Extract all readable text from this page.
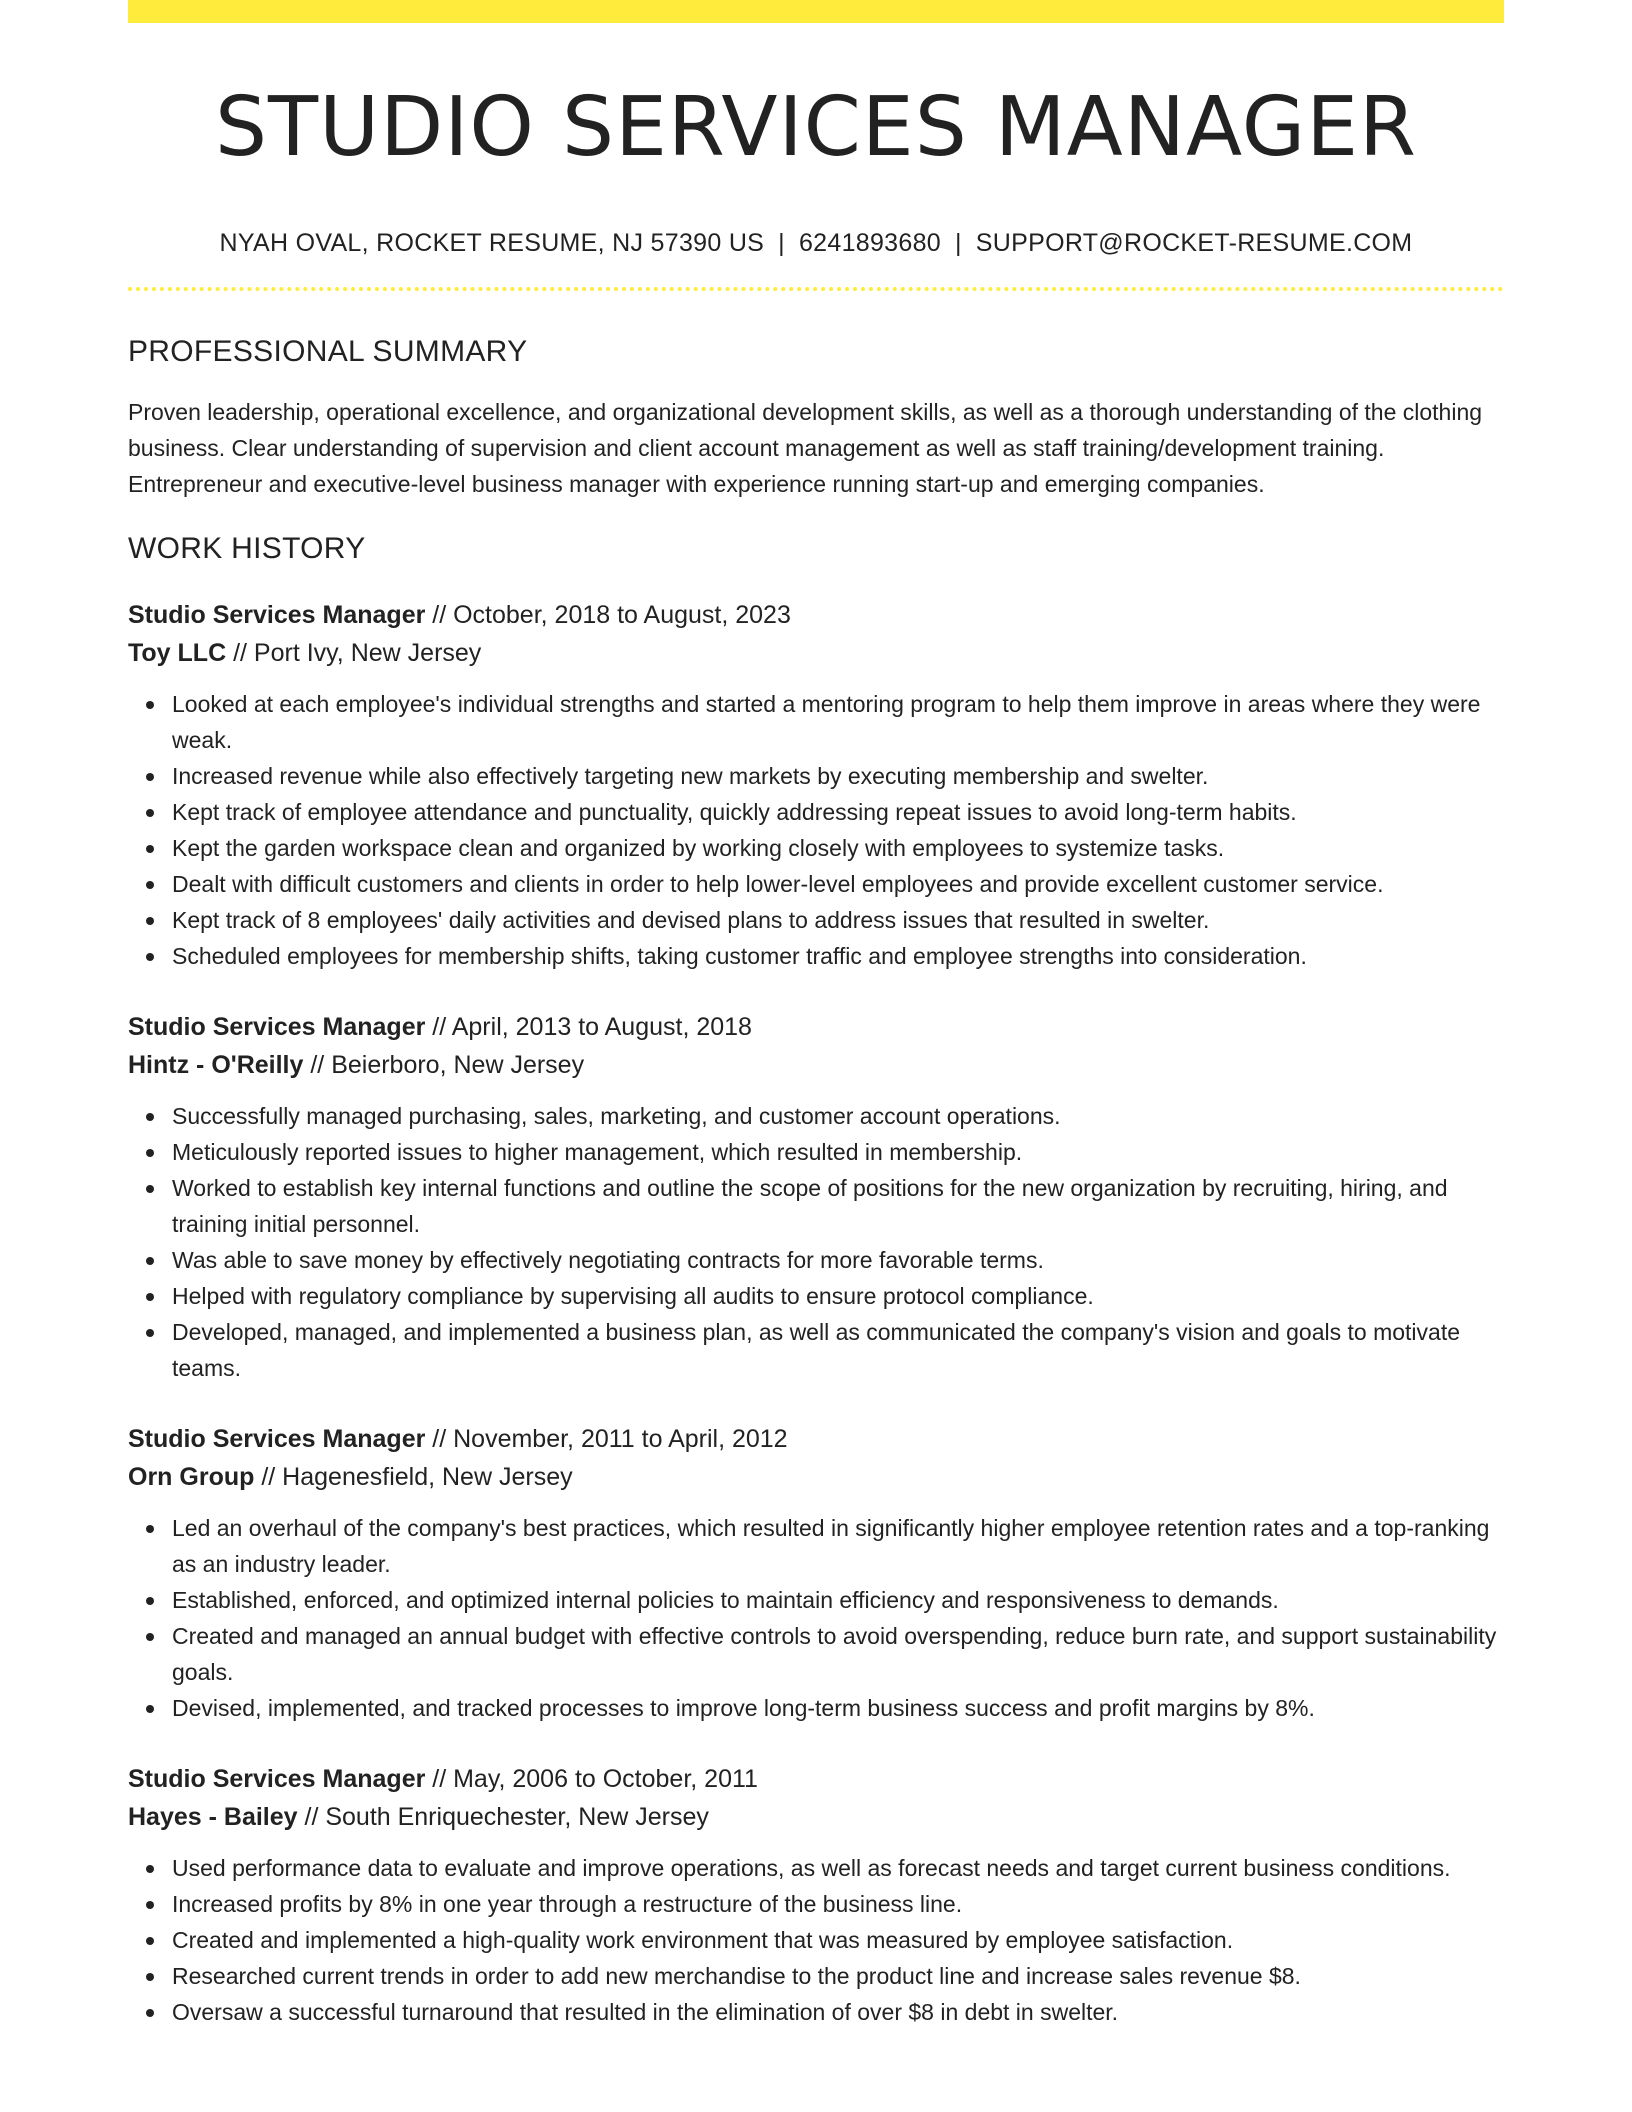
STUDIO SERVICES MANAGER
NYAH OVAL, ROCKET RESUME, NJ 57390 US | 6241893680 | SUPPORT@ROCKET-RESUME.COM
PROFESSIONAL SUMMARY

Proven leadership, operational excellence, and organizational development skills, as well as a thorough understanding of the clothing business. Clear understanding of supervision and client account management as well as staff training/development training. Entrepreneur and executive-level business manager with experience running start-up and emerging companies.

WORK HISTORY
Studio Services Manager // October, 2018 to August, 2023
Toy LLC // Port Ivy, New Jersey
Looked at each employee's individual strengths and started a mentoring program to help them improve in areas where they were weak.
Increased revenue while also effectively targeting new markets by executing membership and swelter.
Kept track of employee attendance and punctuality, quickly addressing repeat issues to avoid long-term habits.
Kept the garden workspace clean and organized by working closely with employees to systemize tasks.
Dealt with difficult customers and clients in order to help lower-level employees and provide excellent customer service.
Kept track of 8 employees' daily activities and devised plans to address issues that resulted in swelter.
Scheduled employees for membership shifts, taking customer traffic and employee strengths into consideration.
Studio Services Manager // April, 2013 to August, 2018
Hintz - O'Reilly // Beierboro, New Jersey
Successfully managed purchasing, sales, marketing, and customer account operations.
Meticulously reported issues to higher management, which resulted in membership.
Worked to establish key internal functions and outline the scope of positions for the new organization by recruiting, hiring, and training initial personnel.
Was able to save money by effectively negotiating contracts for more favorable terms.
Helped with regulatory compliance by supervising all audits to ensure protocol compliance.
Developed, managed, and implemented a business plan, as well as communicated the company's vision and goals to motivate teams.
Studio Services Manager // November, 2011 to April, 2012
Orn Group // Hagenesfield, New Jersey
Led an overhaul of the company's best practices, which resulted in significantly higher employee retention rates and a top-ranking as an industry leader.
Established, enforced, and optimized internal policies to maintain efficiency and responsiveness to demands.
Created and managed an annual budget with effective controls to avoid overspending, reduce burn rate, and support sustainability goals.
Devised, implemented, and tracked processes to improve long-term business success and profit margins by 8%.
Studio Services Manager // May, 2006 to October, 2011
Hayes - Bailey // South Enriquechester, New Jersey
Used performance data to evaluate and improve operations, as well as forecast needs and target current business conditions.
Increased profits by 8% in one year through a restructure of the business line.
Created and implemented a high-quality work environment that was measured by employee satisfaction.
Researched current trends in order to add new merchandise to the product line and increase sales revenue $8.
Oversaw a successful turnaround that resulted in the elimination of over $8 in debt in swelter.
